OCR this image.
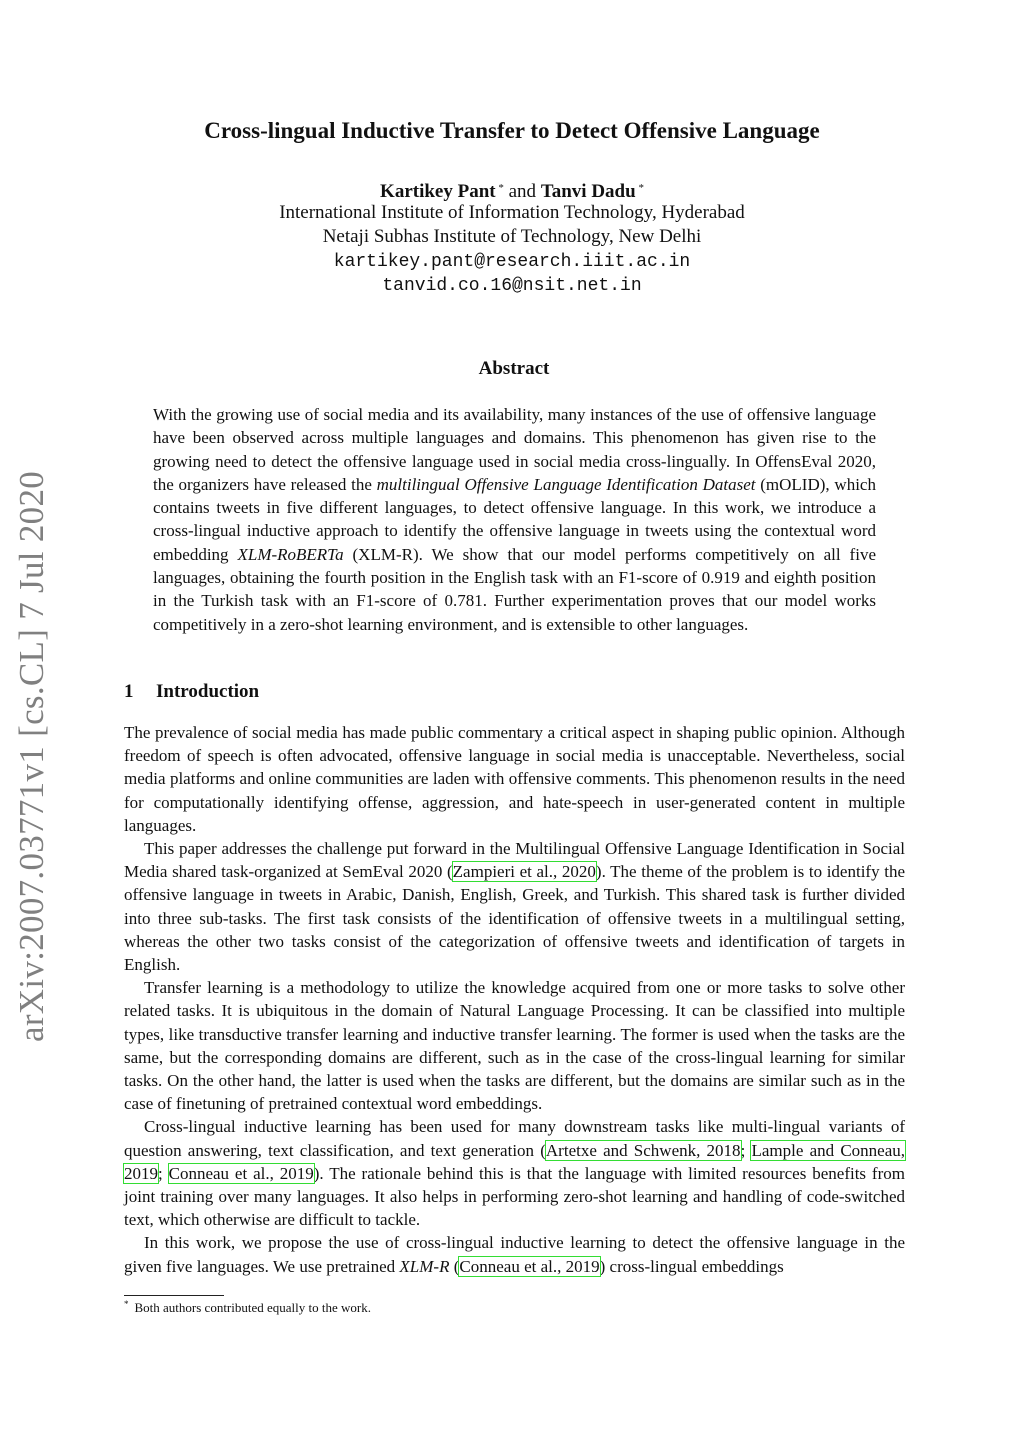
arXiv:2007.03771v1 [cs.CL] 7 Jul 2020
Cross-lingual Inductive Transfer to Detect Offensive Language
Kartikey Pant * and Tanvi Dadu *
International Institute of Information Technology, Hyderabad
Netaji Subhas Institute of Technology, New Delhi
kartikey.pant@research.iiit.ac.in
tanvid.co.16@nsit.net.in
Abstract

With the growing use of social media and its availability, many instances of the use of offensive language have been observed across multiple languages and domains. This phenomenon has given rise to the growing need to detect the offensive language used in social media cross-lingually. In OffensEval 2020, the organizers have released the multilingual Offensive Language Identification Dataset (mOLID), which contains tweets in five different languages, to detect offensive language. In this work, we introduce a cross-lingual inductive approach to identify the offensive language in tweets using the contextual word embedding XLM-RoBERTa (XLM-R). We show that our model performs competitively on all five languages, obtaining the fourth position in the English task with an F1-score of 0.919 and eighth position in the Turkish task with an F1-score of 0.781. Further experimentation proves that our model works competitively in a zero-shot learning environment, and is extensible to other languages.

1 Introduction

The prevalence of social media has made public commentary a critical aspect in shaping public opinion. Although freedom of speech is often advocated, offensive language in social media is unacceptable. Nevertheless, social media platforms and online communities are laden with offensive comments. This phenomenon results in the need for computationally identifying offense, aggression, and hate-speech in user-generated content in multiple languages.

This paper addresses the challenge put forward in the Multilingual Offensive Language Identification in Social Media shared task-organized at SemEval 2020 (Zampieri et al., 2020). The theme of the problem is to identify the offensive language in tweets in Arabic, Danish, English, Greek, and Turkish. This shared task is further divided into three sub-tasks. The first task consists of the identification of offensive tweets in a multilingual setting, whereas the other two tasks consist of the categorization of offensive tweets and identification of targets in English.

Transfer learning is a methodology to utilize the knowledge acquired from one or more tasks to solve other related tasks. It is ubiquitous in the domain of Natural Language Processing. It can be classified into multiple types, like transductive transfer learning and inductive transfer learning. The former is used when the tasks are the same, but the corresponding domains are different, such as in the case of the cross-lingual learning for similar tasks. On the other hand, the latter is used when the tasks are different, but the domains are similar such as in the case of finetuning of pretrained contextual word embeddings.

Cross-lingual inductive learning has been used for many downstream tasks like multi-lingual variants of question answering, text classification, and text generation (Artetxe and Schwenk, 2018; Lample and Conneau, 2019; Conneau et al., 2019). The rationale behind this is that the language with limited resources benefits from joint training over many languages. It also helps in performing zero-shot learning and handling of code-switched text, which otherwise are difficult to tackle.

In this work, we propose the use of cross-lingual inductive learning to detect the offensive language in the given five languages. We use pretrained XLM-R (Conneau et al., 2019) cross-lingual embeddings

* Both authors contributed equally to the work.
